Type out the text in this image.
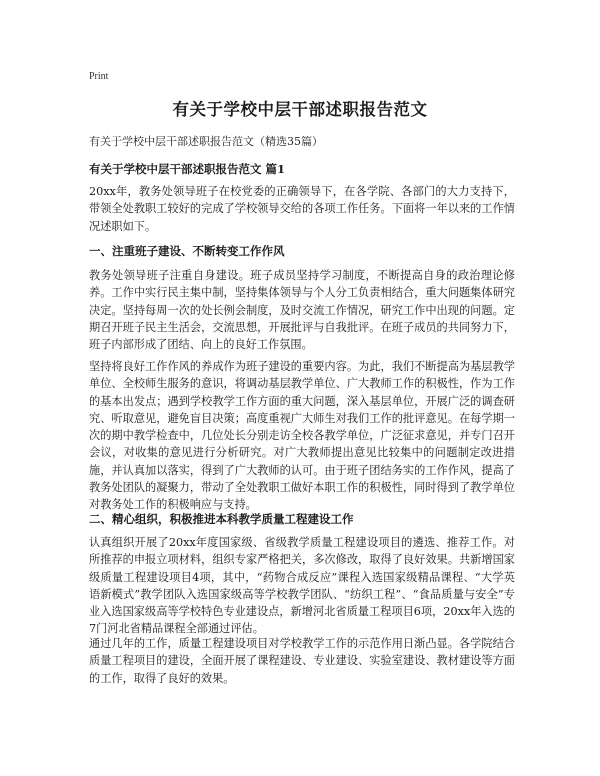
Print
有关于学校中层干部述职报告范文
有关于学校中层干部述职报告范文（精选35篇）
有关于学校中层干部述职报告范文 篇1
20xx年，教务处领导班子在校党委的正确领导下，在各学院、各部门的大力支持下，带领全处教职工较好的完成了学校领导交给的各项工作任务。下面将一年以来的工作情况述职如下。
一、注重班子建设、不断转变工作作风
教务处领导班子注重自身建设。班子成员坚持学习制度，不断提高自身的政治理论修养。工作中实行民主集中制，坚持集体领导与个人分工负责相结合，重大问题集体研究决定。坚持每周一次的处长例会制度，及时交流工作情况，研究工作中出现的问题。定期召开班子民主生活会，交流思想，开展批评与自我批评。在班子成员的共同努力下，班子内部形成了团结、向上的良好工作氛围。
坚持将良好工作作风的养成作为班子建设的重要内容。为此，我们不断提高为基层教学单位、全校师生服务的意识，将调动基层教学单位、广大教师工作的积极性，作为工作的基本出发点；遇到学校教学工作方面的重大问题，深入基层单位，开展广泛的调查研究、听取意见，避免盲目决策；高度重视广大师生对我们工作的批评意见。在每学期一次的期中教学检查中，几位处长分别走访全校各教学单位，广泛征求意见，并专门召开会议，对收集的意见进行分析研究。对广大教师提出意见比较集中的问题制定改进措施，并认真加以落实，得到了广大教师的认可。由于班子团结务实的工作作风，提高了教务处团队的凝聚力，带动了全处教职工做好本职工作的积极性，同时得到了教学单位对教务处工作的积极响应与支持。
二、精心组织，积极推进本科教学质量工程建设工作
认真组织开展了20xx年度国家级、省级教学质量工程建设项目的遴选、推荐工作。对所推荐的申报立项材料，组织专家严格把关，多次修改，取得了良好效果。共新增国家级质量工程建设项目4项，其中，“药物合成反应”课程入选国家级精品课程、“大学英语新模式”教学团队入选国家级高等学校教学团队、“纺织工程”、“食品质量与安全”专业入选国家级高等学校特色专业建设点，新增河北省质量工程项目6项，20xx年入选的7门河北省精品课程全部通过评估。
通过几年的工作，质量工程建设项目对学校教学工作的示范作用日渐凸显。各学院结合质量工程项目的建设，全面开展了课程建设、专业建设、实验室建设、教材建设等方面的工作，取得了良好的效果。
